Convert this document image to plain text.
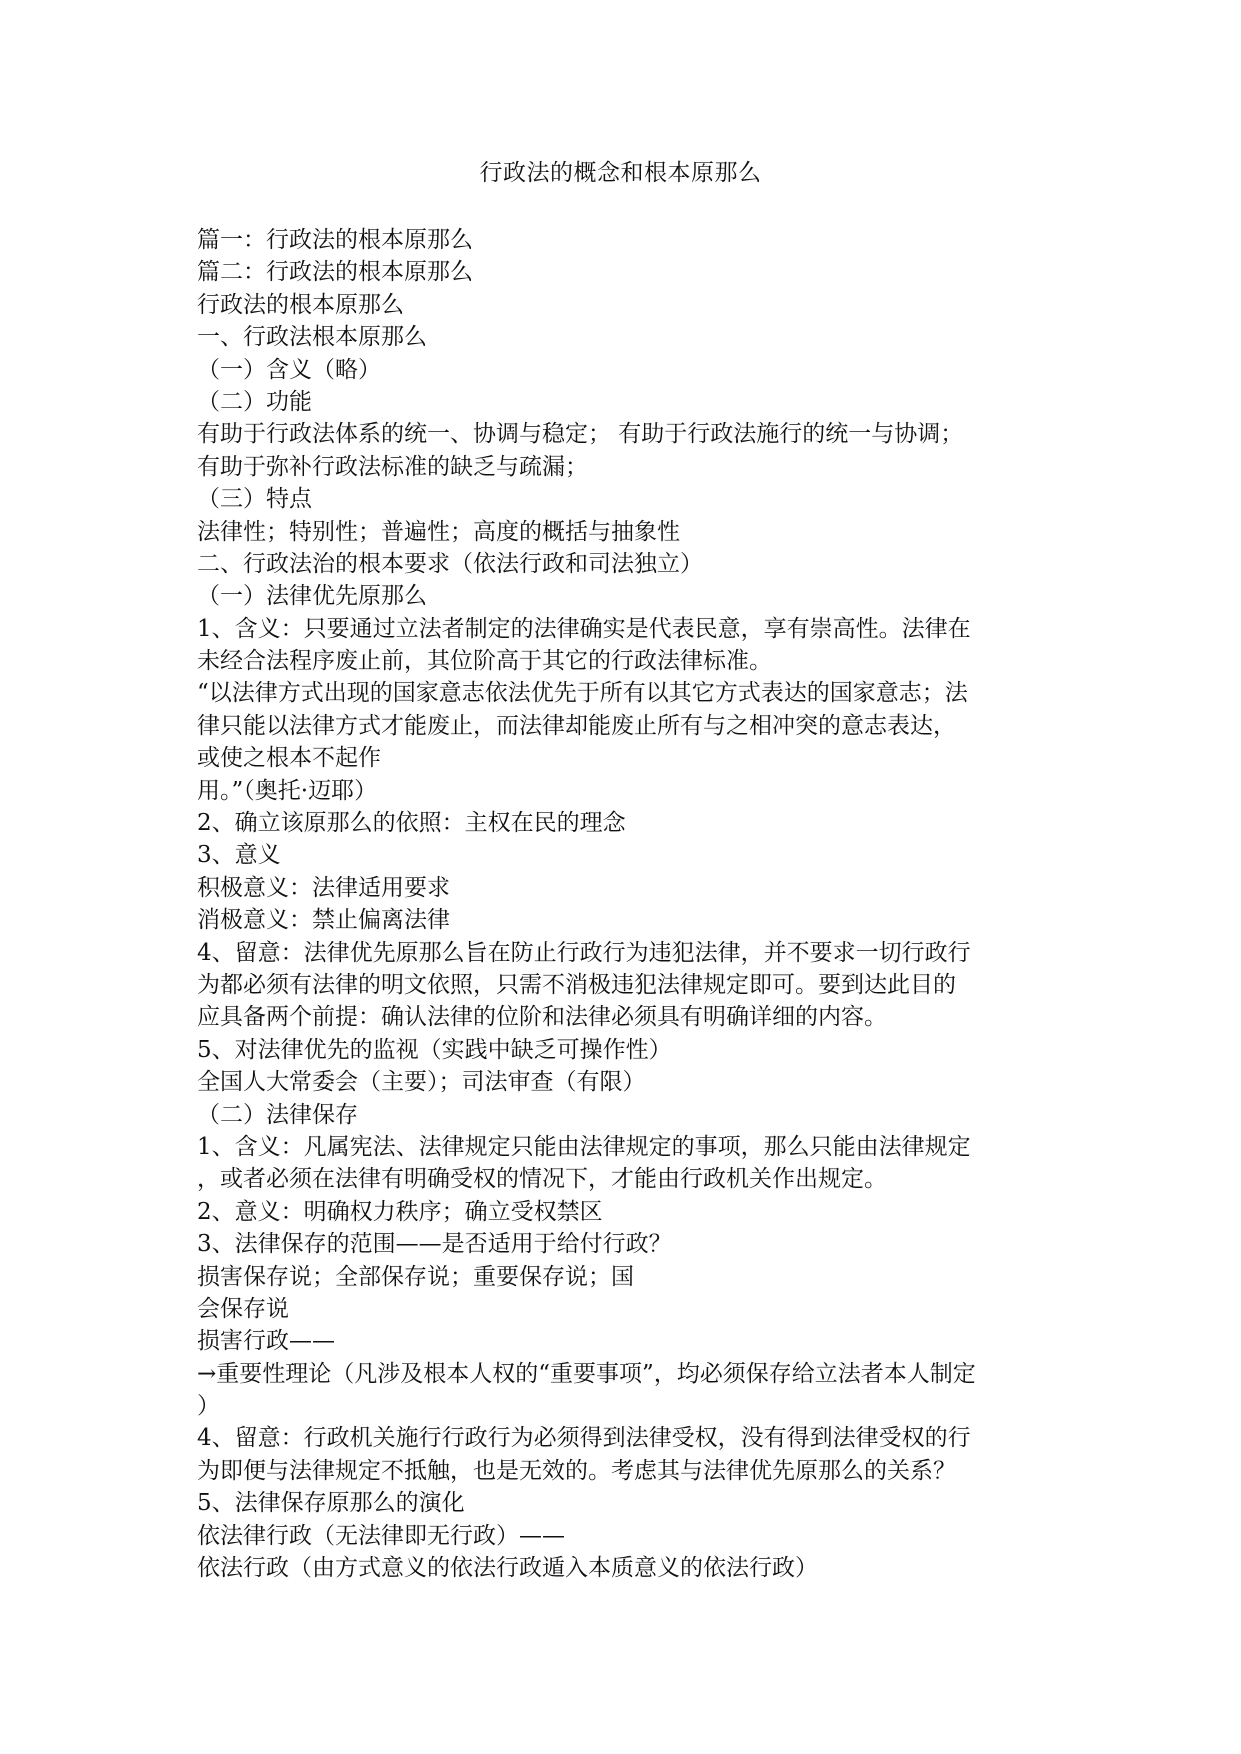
行政法的概念和根本原那么
篇一：行政法的根本原那么
篇二：行政法的根本原那么
行政法的根本原那么
一、行政法根本原那么
（一）含义（略）
（二）功能
有助于行政法体系的统一、协调与稳定； 有助于行政法施行的统一与协调；
有助于弥补行政法标准的缺乏与疏漏；
（三）特点
法律性；特别性；普遍性；高度的概括与抽象性
二、行政法治的根本要求（依法行政和司法独立）
（一）法律优先原那么
1、含义：只要通过立法者制定的法律确实是代表民意，享有崇高性。法律在
未经合法程序废止前，其位阶高于其它的行政法律标准。
“以法律方式出现的国家意志依法优先于所有以其它方式表达的国家意志；法
律只能以法律方式才能废止，而法律却能废止所有与之相冲突的意志表达，
或使之根本不起作
用。”（奥托·迈耶）
2、确立该原那么的依照：主权在民的理念
3、意义
积极意义：法律适用要求
消极意义：禁止偏离法律
4、留意：法律优先原那么旨在防止行政行为违犯法律，并不要求一切行政行
为都必须有法律的明文依照，只需不消极违犯法律规定即可。要到达此目的
应具备两个前提：确认法律的位阶和法律必须具有明确详细的内容。
5、对法律优先的监视（实践中缺乏可操作性）
全国人大常委会（主要）；司法审查（有限）
（二）法律保存
1、含义：凡属宪法、法律规定只能由法律规定的事项，那么只能由法律规定
，或者必须在法律有明确受权的情况下，才能由行政机关作出规定。
2、意义：明确权力秩序；确立受权禁区
3、法律保存的范围——是否适用于给付行政？
损害保存说；全部保存说；重要保存说；国
会保存说
损害行政——
→重要性理论（凡涉及根本人权的“重要事项”，均必须保存给立法者本人制定
）
4、留意：行政机关施行行政行为必须得到法律受权，没有得到法律受权的行
为即便与法律规定不抵触，也是无效的。考虑其与法律优先原那么的关系？
5、法律保存原那么的演化
依法律行政（无法律即无行政）——
依法行政（由方式意义的依法行政遁入本质意义的依法行政）
